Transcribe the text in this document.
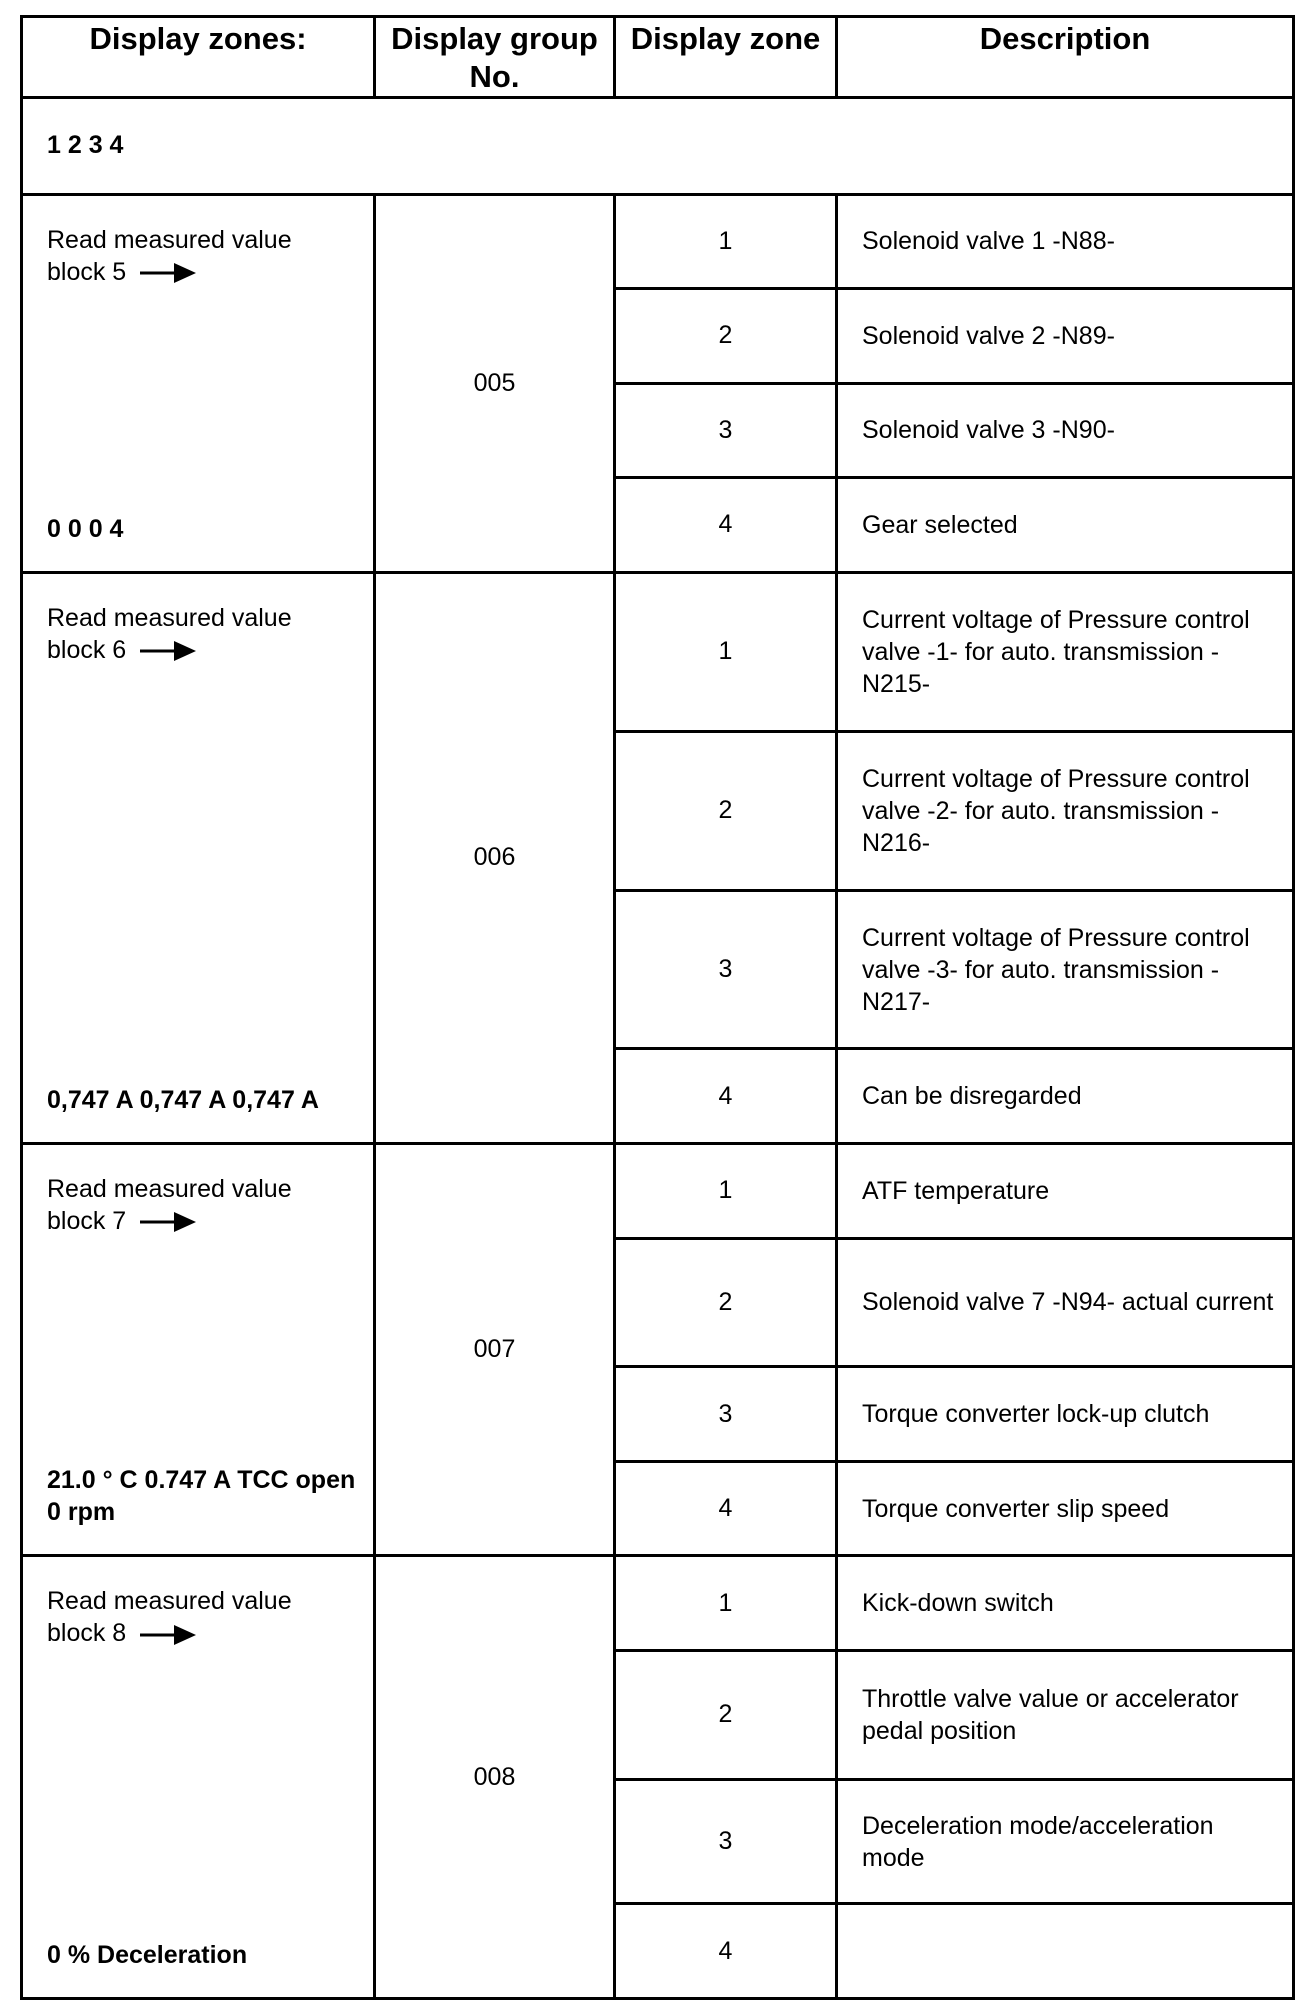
Display zones:	Display group No.	Display zone	Description
1 2 3 4			

Read measured value
block 5
0 0 0 4	005	1	Solenoid valve 1 -N88-
		2	Solenoid valve 2 -N89-
		3	Solenoid valve 3 -N90-
		4	Gear selected

Read measured value
block 6
0,747 A 0,747 A 0,747 A	006	1	Current voltage of Pressure control valve -1- for auto. transmission -N215-
		2	Current voltage of Pressure control valve -2- for auto. transmission -N216-
		3	Current voltage of Pressure control valve -3- for auto. transmission -N217-
		4	Can be disregarded

Read measured value
block 7
21.0 ° C 0.747 A TCC open 0 rpm	007	1	ATF temperature
		2	Solenoid valve 7 -N94- actual current
		3	Torque converter lock-up clutch
		4	Torque converter slip speed

Read measured value
block 8
0 % Deceleration	008	1	Kick-down switch
		2	Throttle valve value or accelerator pedal position
		3	Deceleration mode/acceleration mode
		4	
